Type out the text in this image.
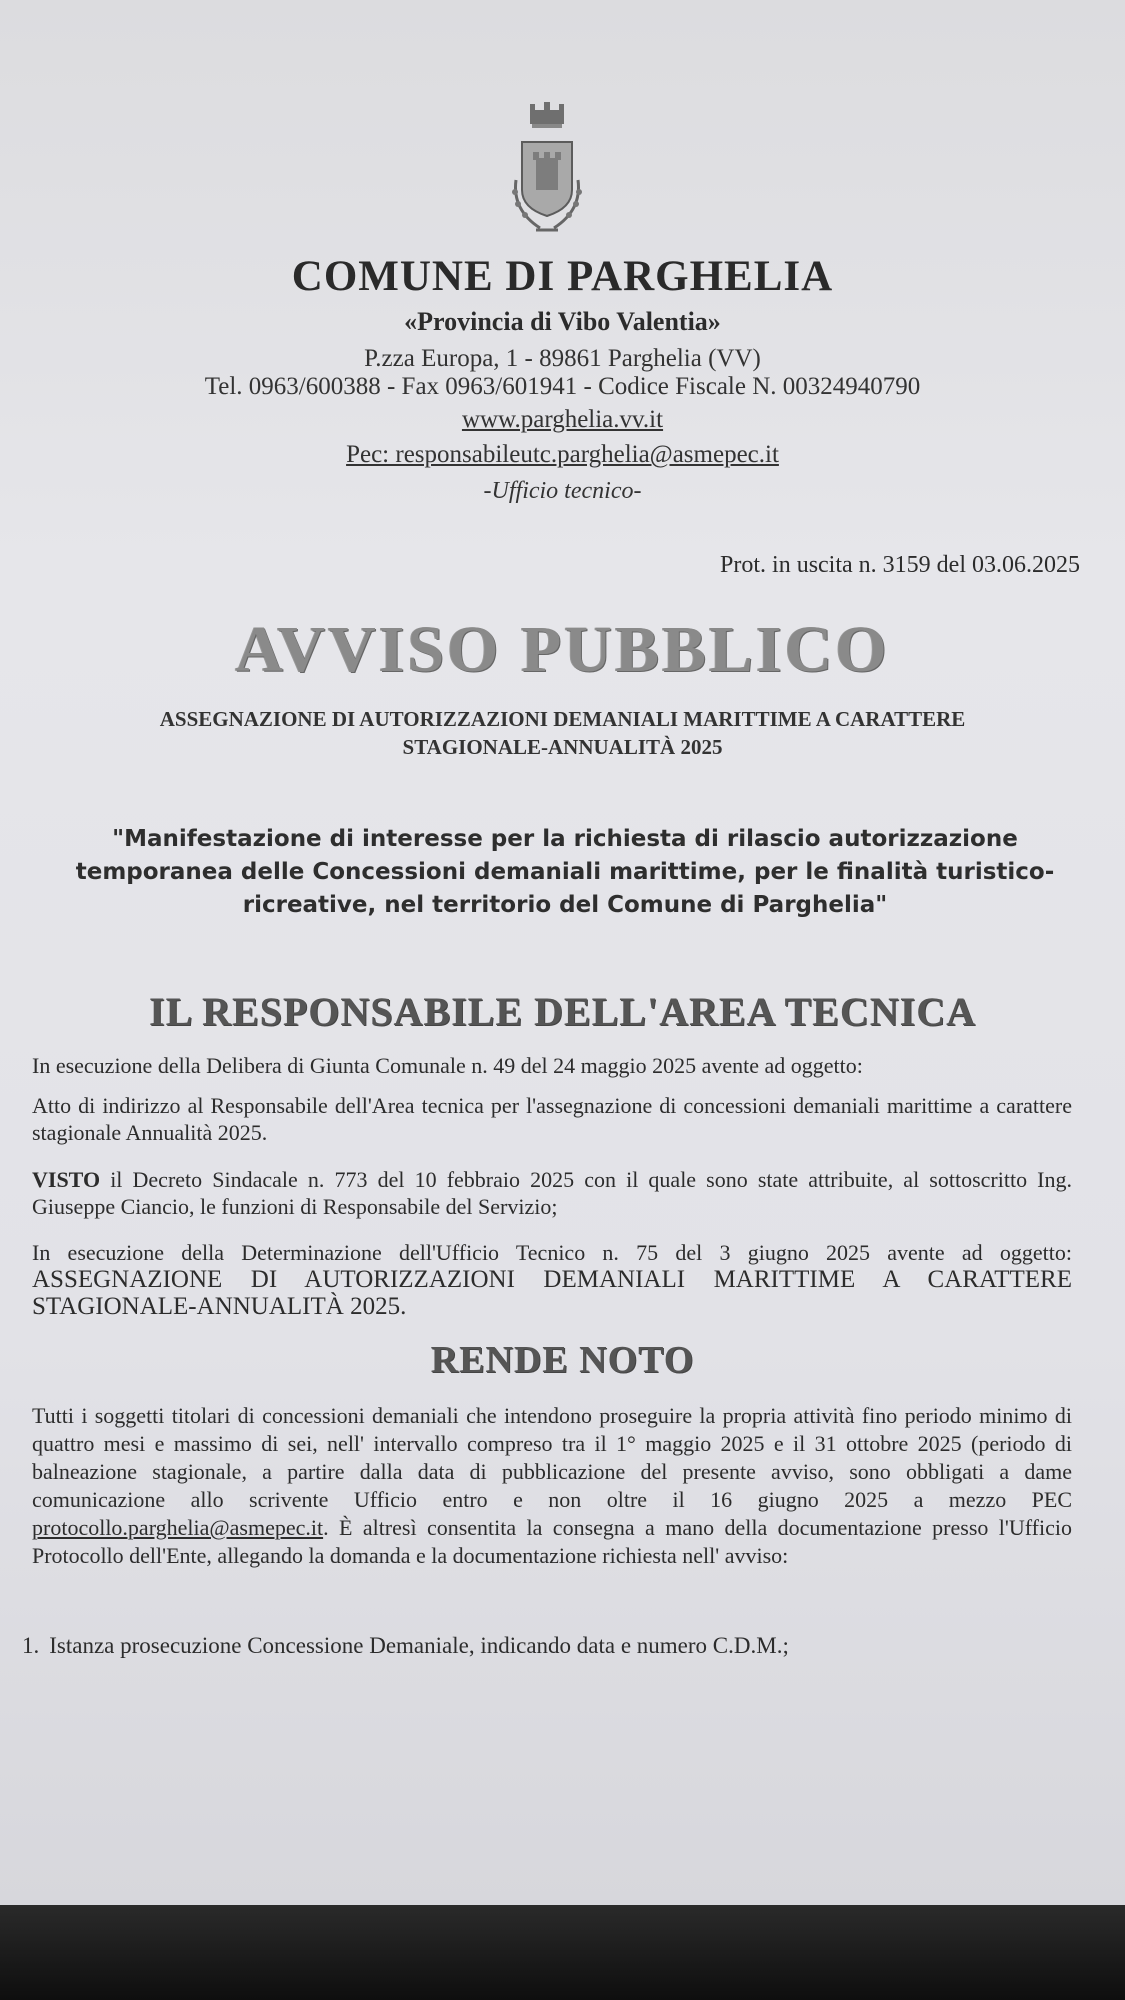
COMUNE DI PARGHELIA
«Provincia di Vibo Valentia»
P.zza Europa, 1 - 89861 Parghelia (VV)
Tel. 0963/600388 - Fax 0963/601941 - Codice Fiscale N. 00324940790
www.parghelia.vv.it
Pec: responsabileutc.parghelia@asmepec.it
-Ufficio tecnico-
Prot. in uscita n. 3159 del 03.06.2025
AVVISO PUBBLICO
ASSEGNAZIONE DI AUTORIZZAZIONI DEMANIALI MARITTIME A CARATTERE
STAGIONALE-ANNUALITÀ 2025
"Manifestazione di interesse per la richiesta di rilascio autorizzazione temporanea delle Concessioni demaniali marittime, per le finalità turistico-ricreative, nel territorio del Comune di Parghelia"
IL RESPONSABILE DELL'AREA TECNICA
In esecuzione della Delibera di Giunta Comunale n. 49 del 24 maggio 2025 avente ad oggetto:
Atto di indirizzo al Responsabile dell'Area tecnica per l'assegnazione di concessioni demaniali marittime a carattere stagionale Annualità 2025.
VISTO il Decreto Sindacale n. 773 del 10 febbraio 2025 con il quale sono state attribuite, al sottoscritto Ing. Giuseppe Ciancio, le funzioni di Responsabile del Servizio;
In esecuzione della Determinazione dell'Ufficio Tecnico n. 75 del 3 giugno 2025 avente ad oggetto: ASSEGNAZIONE DI AUTORIZZAZIONI DEMANIALI MARITTIME A CARATTERE STAGIONALE-ANNUALITÀ 2025.
RENDE NOTO
Tutti i soggetti titolari di concessioni demaniali che intendono proseguire la propria attività fino periodo minimo di quattro mesi e massimo di sei, nell' intervallo compreso tra il 1° maggio 2025 e il 31 ottobre 2025 (periodo di balneazione stagionale, a partire dalla data di pubblicazione del presente avviso, sono obbligati a dame comunicazione allo scrivente Ufficio entro e non oltre il 16 giugno 2025 a mezzo PEC protocollo.parghelia@asmepec.it. È altresì consentita la consegna a mano della documentazione presso l'Ufficio Protocollo dell'Ente, allegando la domanda e la documentazione richiesta nell' avviso:
1. Istanza prosecuzione Concessione Demaniale, indicando data e numero C.D.M.;
